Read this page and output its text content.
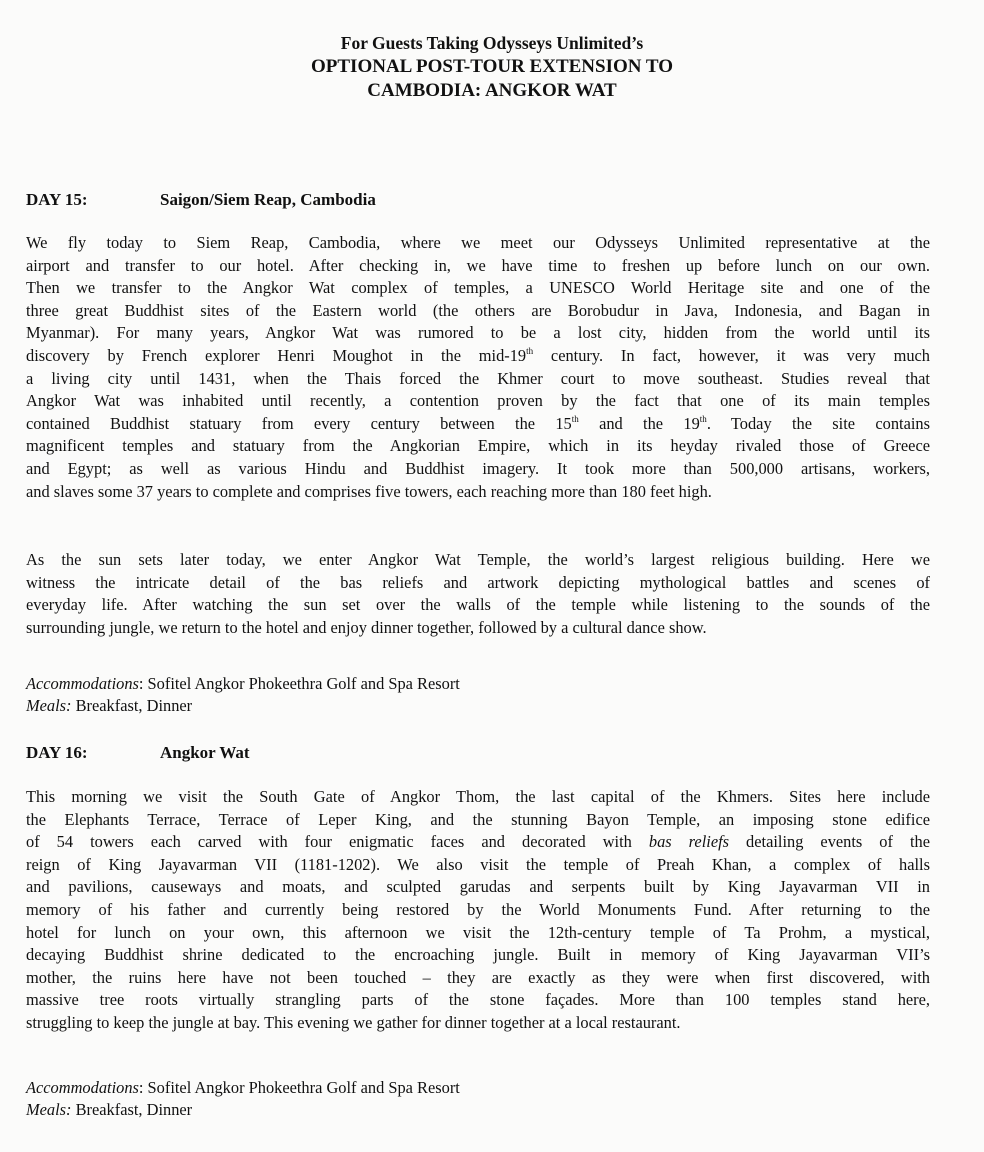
For Guests Taking Odysseys Unlimited’s
OPTIONAL POST-TOUR EXTENSION TO
CAMBODIA: ANGKOR WAT
DAY 15:	Saigon/Siem Reap, Cambodia
We fly today to Siem Reap, Cambodia, where we meet our Odysseys Unlimited representative at the
airport and transfer to our hotel. After checking in, we have time to freshen up before lunch on our own.
Then we transfer to the Angkor Wat complex of temples, a UNESCO World Heritage site and one of the
three great Buddhist sites of the Eastern world (the others are Borobudur in Java, Indonesia, and Bagan in
Myanmar). For many years, Angkor Wat was rumored to be a lost city, hidden from the world until its
discovery by French explorer Henri Moughot in the mid-19th century. In fact, however, it was very much
a living city until 1431, when the Thais forced the Khmer court to move southeast. Studies reveal that
Angkor Wat was inhabited until recently, a contention proven by the fact that one of its main temples
contained Buddhist statuary from every century between the 15th and the 19th. Today the site contains
magnificent temples and statuary from the Angkorian Empire, which in its heyday rivaled those of Greece
and Egypt; as well as various Hindu and Buddhist imagery. It took more than 500,000 artisans, workers,
and slaves some 37 years to complete and comprises five towers, each reaching more than 180 feet high.
As the sun sets later today, we enter Angkor Wat Temple, the world’s largest religious building. Here we
witness the intricate detail of the bas reliefs and artwork depicting mythological battles and scenes of
everyday life. After watching the sun set over the walls of the temple while listening to the sounds of the
surrounding jungle, we return to the hotel and enjoy dinner together, followed by a cultural dance show.
Accommodations: Sofitel Angkor Phokeethra Golf and Spa Resort
Meals: Breakfast, Dinner
DAY 16:	Angkor Wat
This morning we visit the South Gate of Angkor Thom, the last capital of the Khmers. Sites here include
the Elephants Terrace, Terrace of Leper King, and the stunning Bayon Temple, an imposing stone edifice
of 54 towers each carved with four enigmatic faces and decorated with bas reliefs detailing events of the
reign of King Jayavarman VII (1181-1202). We also visit the temple of Preah Khan, a complex of halls
and pavilions, causeways and moats, and sculpted garudas and serpents built by King Jayavarman VII in
memory of his father and currently being restored by the World Monuments Fund. After returning to the
hotel for lunch on your own, this afternoon we visit the 12th-century temple of Ta Prohm, a mystical,
decaying Buddhist shrine dedicated to the encroaching jungle. Built in memory of King Jayavarman VII’s
mother, the ruins here have not been touched – they are exactly as they were when first discovered, with
massive tree roots virtually strangling parts of the stone façades. More than 100 temples stand here,
struggling to keep the jungle at bay. This evening we gather for dinner together at a local restaurant.
Accommodations: Sofitel Angkor Phokeethra Golf and Spa Resort
Meals: Breakfast, Dinner
